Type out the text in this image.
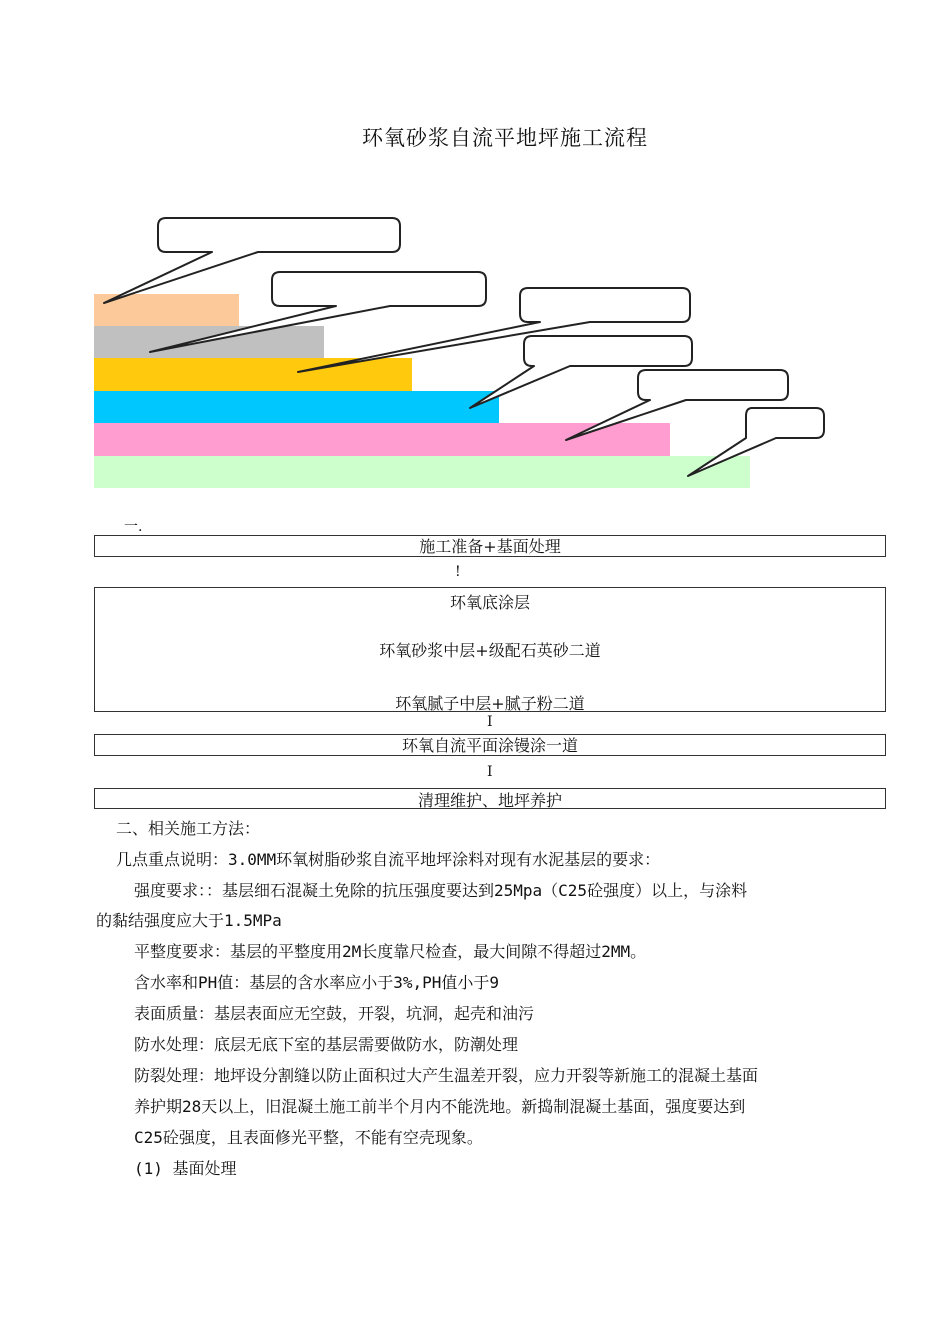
环氧砂浆自流平地坪施工流程
一.
施工准备+基面处理
!
环氧底涂层
环氧砂浆中层+级配石英砂二道
环氧腻子中层+腻子粉二道
I
环氧自流平面涂镘涂一道
I
清理维护、地坪养护
二、相关施工方法：
几点重点说明：3.0MM环氧树脂砂浆自流平地坪涂料对现有水泥基层的要求：
强度要求：：基层细石混凝土免除的抗压强度要达到25Mpa（C25砼强度）以上，与涂料
的黏结强度应大于1.5MPa
平整度要求：基层的平整度用2M长度靠尺检查，最大间隙不得超过2MM。
含水率和PH值：基层的含水率应小于3%,PH值小于9
表面质量：基层表面应无空鼓，开裂，坑洞，起壳和油污
防水处理：底层无底下室的基层需要做防水，防潮处理
防裂处理：地坪设分割缝以防止面积过大产生温差开裂，应力开裂等新施工的混凝土基面
养护期28天以上，旧混凝土施工前半个月内不能洗地。新捣制混凝土基面，强度要达到
C25砼强度，且表面修光平整，不能有空壳现象。
(1) 基面处理
